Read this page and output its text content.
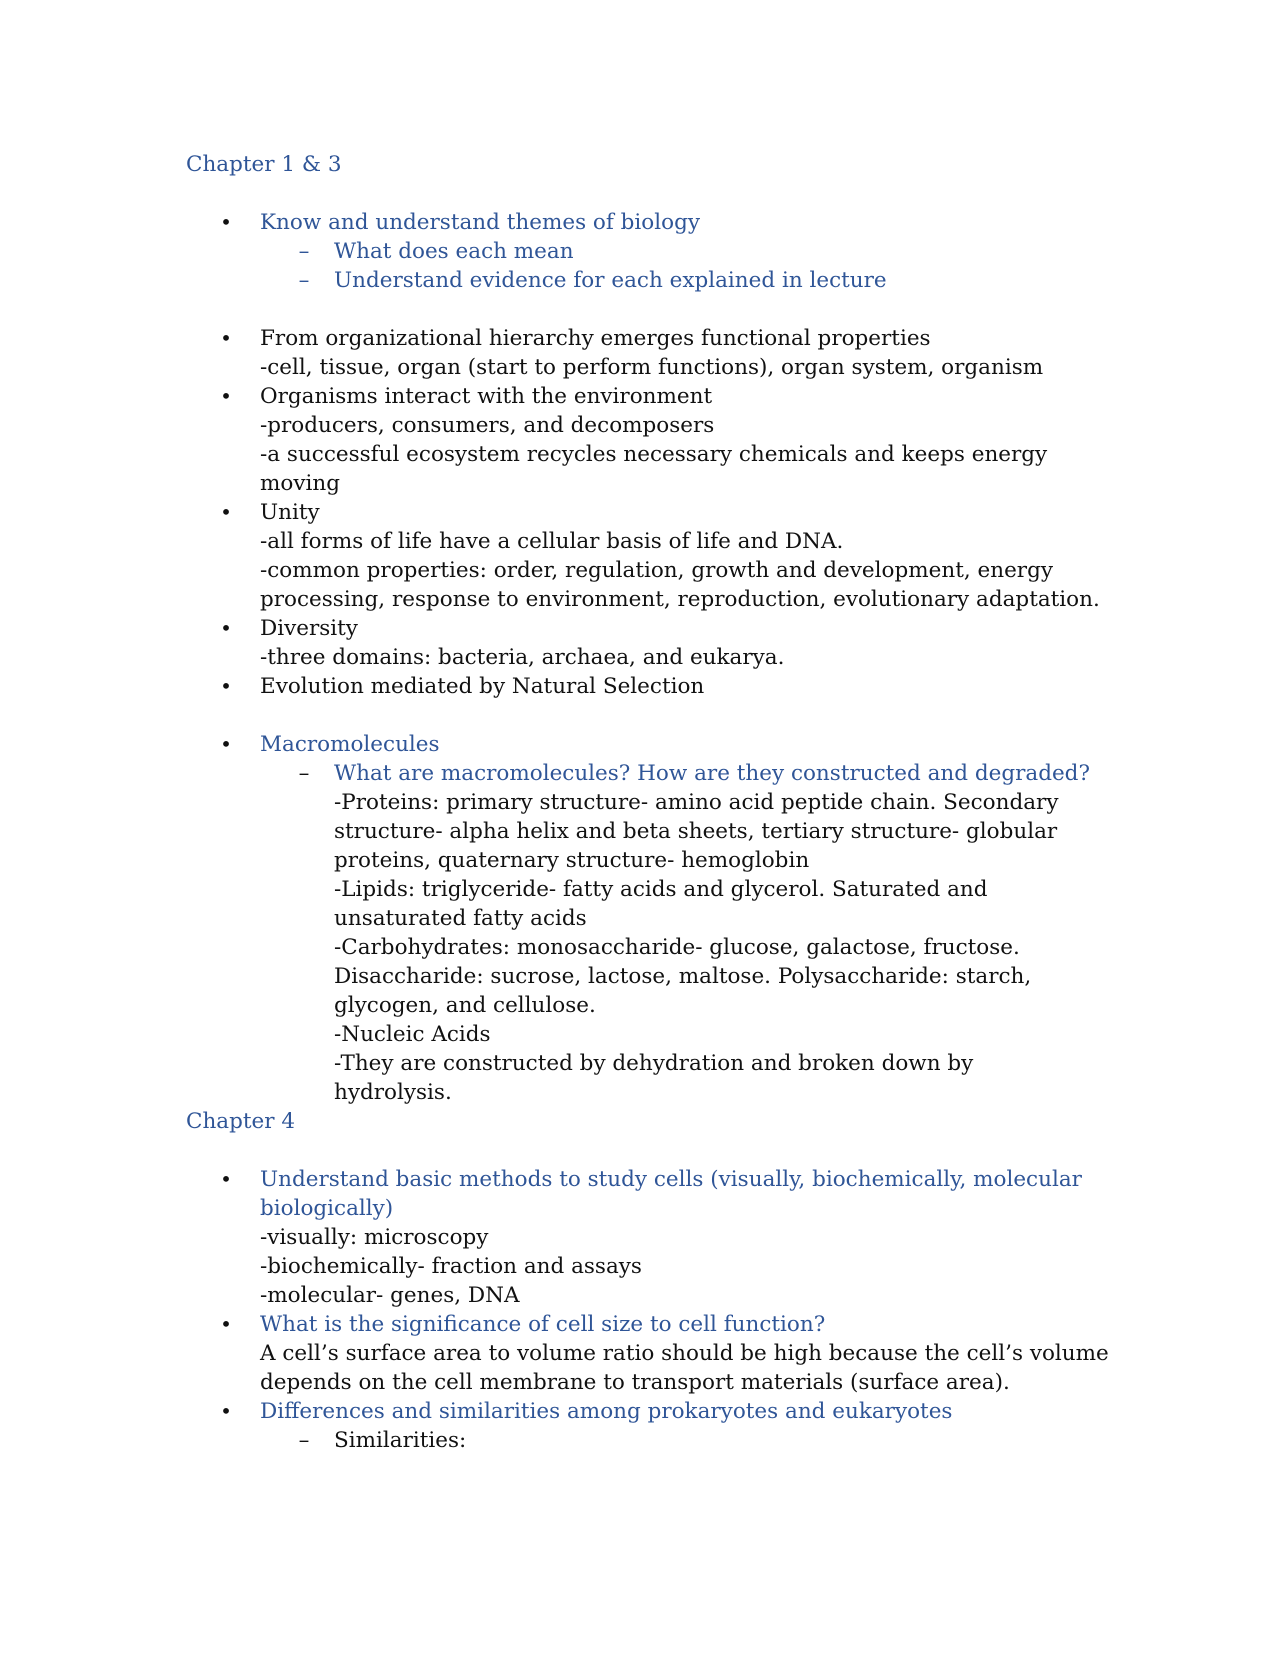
Chapter 1 & 3
• Know and understand themes of biology
– What does each mean
– Understand evidence for each explained in lecture
• From organizational hierarchy emerges functional properties
-cell, tissue, organ (start to perform functions), organ system, organism
• Organisms interact with the environment
-producers, consumers, and decomposers
-a successful ecosystem recycles necessary chemicals and keeps energy
moving
• Unity
-all forms of life have a cellular basis of life and DNA.
-common properties: order, regulation, growth and development, energy
processing, response to environment, reproduction, evolutionary adaptation.
• Diversity
-three domains: bacteria, archaea, and eukarya.
• Evolution mediated by Natural Selection
• Macromolecules
– What are macromolecules? How are they constructed and degraded?
-Proteins: primary structure- amino acid peptide chain. Secondary
structure- alpha helix and beta sheets, tertiary structure- globular
proteins, quaternary structure- hemoglobin
-Lipids: triglyceride- fatty acids and glycerol. Saturated and
unsaturated fatty acids
-Carbohydrates: monosaccharide- glucose, galactose, fructose.
Disaccharide: sucrose, lactose, maltose. Polysaccharide: starch,
glycogen, and cellulose.
-Nucleic Acids
-They are constructed by dehydration and broken down by
hydrolysis.
Chapter 4
• Understand basic methods to study cells (visually, biochemically, molecular
biologically)
-visually: microscopy
-biochemically- fraction and assays
-molecular- genes, DNA
• What is the significance of cell size to cell function?
A cell’s surface area to volume ratio should be high because the cell’s volume
depends on the cell membrane to transport materials (surface area).
• Differences and similarities among prokaryotes and eukaryotes
– Similarities:
